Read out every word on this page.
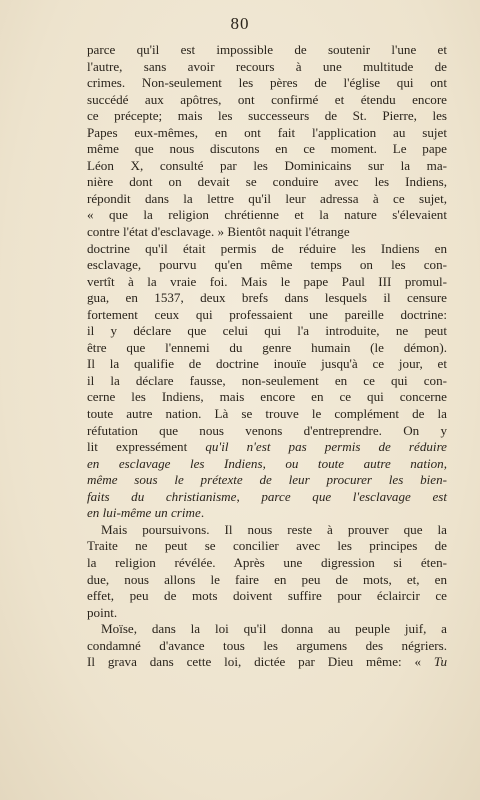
80
parce qu'il est impossible de soutenir l'une et
l'autre, sans avoir recours à une multitude de
crimes. Non-seulement les pères de l'église qui ont
succédé aux apôtres, ont confirmé et étendu encore
ce précepte; mais les successeurs de St. Pierre, les
Papes eux-mêmes, en ont fait l'application au sujet
même que nous discutons en ce moment. Le pape
Léon X, consulté par les Dominicains sur la ma-
nière dont on devait se conduire avec les Indiens,
répondit dans la lettre qu'il leur adressa à ce sujet,
« que la religion chrétienne et la nature s'élevaient
contre l'état d'esclavage. » Bientôt naquit l'étrange
doctrine qu'il était permis de réduire les Indiens en
esclavage, pourvu qu'en même temps on les con-
vertît à la vraie foi. Mais le pape Paul III promul-
gua, en 1537, deux brefs dans lesquels il censure
fortement ceux qui professaient une pareille doctrine:
il y déclare que celui qui l'a introduite, ne peut
être que l'ennemi du genre humain (le démon).
Il la qualifie de doctrine inouïe jusqu'à ce jour, et
il la déclare fausse, non-seulement en ce qui con-
cerne les Indiens, mais encore en ce qui concerne
toute autre nation. Là se trouve le complément de la
réfutation que nous venons d'entreprendre. On y
lit expressément qu'il n'est pas permis de réduire
en esclavage les Indiens, ou toute autre nation,
même sous le prétexte de leur procurer les bien-
faits du christianisme, parce que l'esclavage est
en lui-même un crime.
Mais poursuivons. Il nous reste à prouver que la
Traite ne peut se concilier avec les principes de
la religion révélée. Après une digression si éten-
due, nous allons le faire en peu de mots, et, en
effet, peu de mots doivent suffire pour éclaircir ce
point.
Moïse, dans la loi qu'il donna au peuple juif, a
condamné d'avance tous les argumens des négriers.
Il grava dans cette loi, dictée par Dieu même: « Tu
